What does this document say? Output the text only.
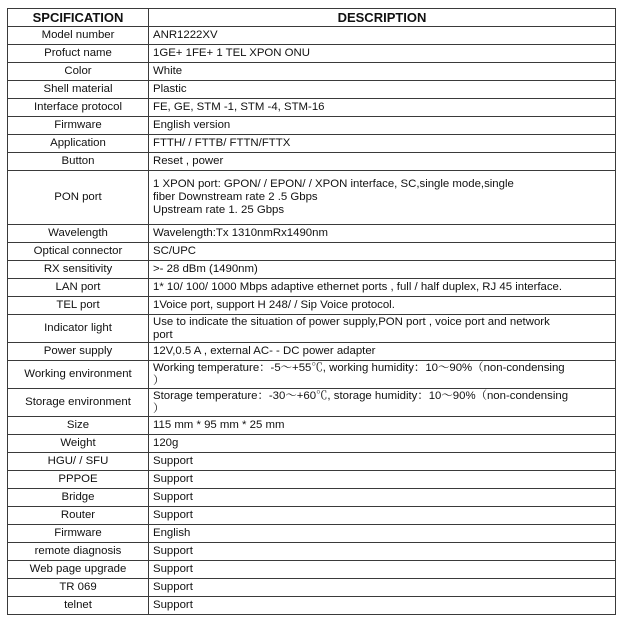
SPCIFICATION	DESCRIPTION
Model number	ANR1222XV
Profuct name	1GE+ 1FE+ 1 TEL XPON ONU
Color	White
Shell material	Plastic
Interface protocol	FE, GE, STM -1, STM -4, STM-16
Firmware	English version
Application	FTTH/ / FTTB/ FTTN/FTTX
Button	Reset , power
PON port	1 XPON port: GPON/ / EPON/ / XPON interface, SC,single mode,single
fiber Downstream rate 2 .5 Gbps
Upstream rate 1. 25 Gbps
Wavelength	Wavelength:Tx 1310nmRx1490nm
Optical connector	SC/UPC
RX sensitivity	>- 28 dBm (1490nm)
LAN port	1* 10/ 100/ 1000 Mbps adaptive ethernet ports , full / half duplex, RJ 45 interface.
TEL port	1Voice port, support H 248/ / Sip Voice protocol.
Indicator light	Use to indicate the situation of power supply,PON port , voice port and network
port
Power supply	12V,0.5 A , external AC- - DC power adapter
Working environment	Working temperature：-5～+55℃, working humidity：10～90%（non-condensing
）
Storage environment	Storage temperature：-30～+60℃, storage humidity：10～90%（non-condensing
）
Size	115 mm * 95 mm * 25 mm
Weight	120g
HGU/ / SFU	Support
PPPOE	Support
Bridge	Support
Router	Support
Firmware	English
remote diagnosis	Support
Web page upgrade	Support
TR 069	Support
telnet	Support
